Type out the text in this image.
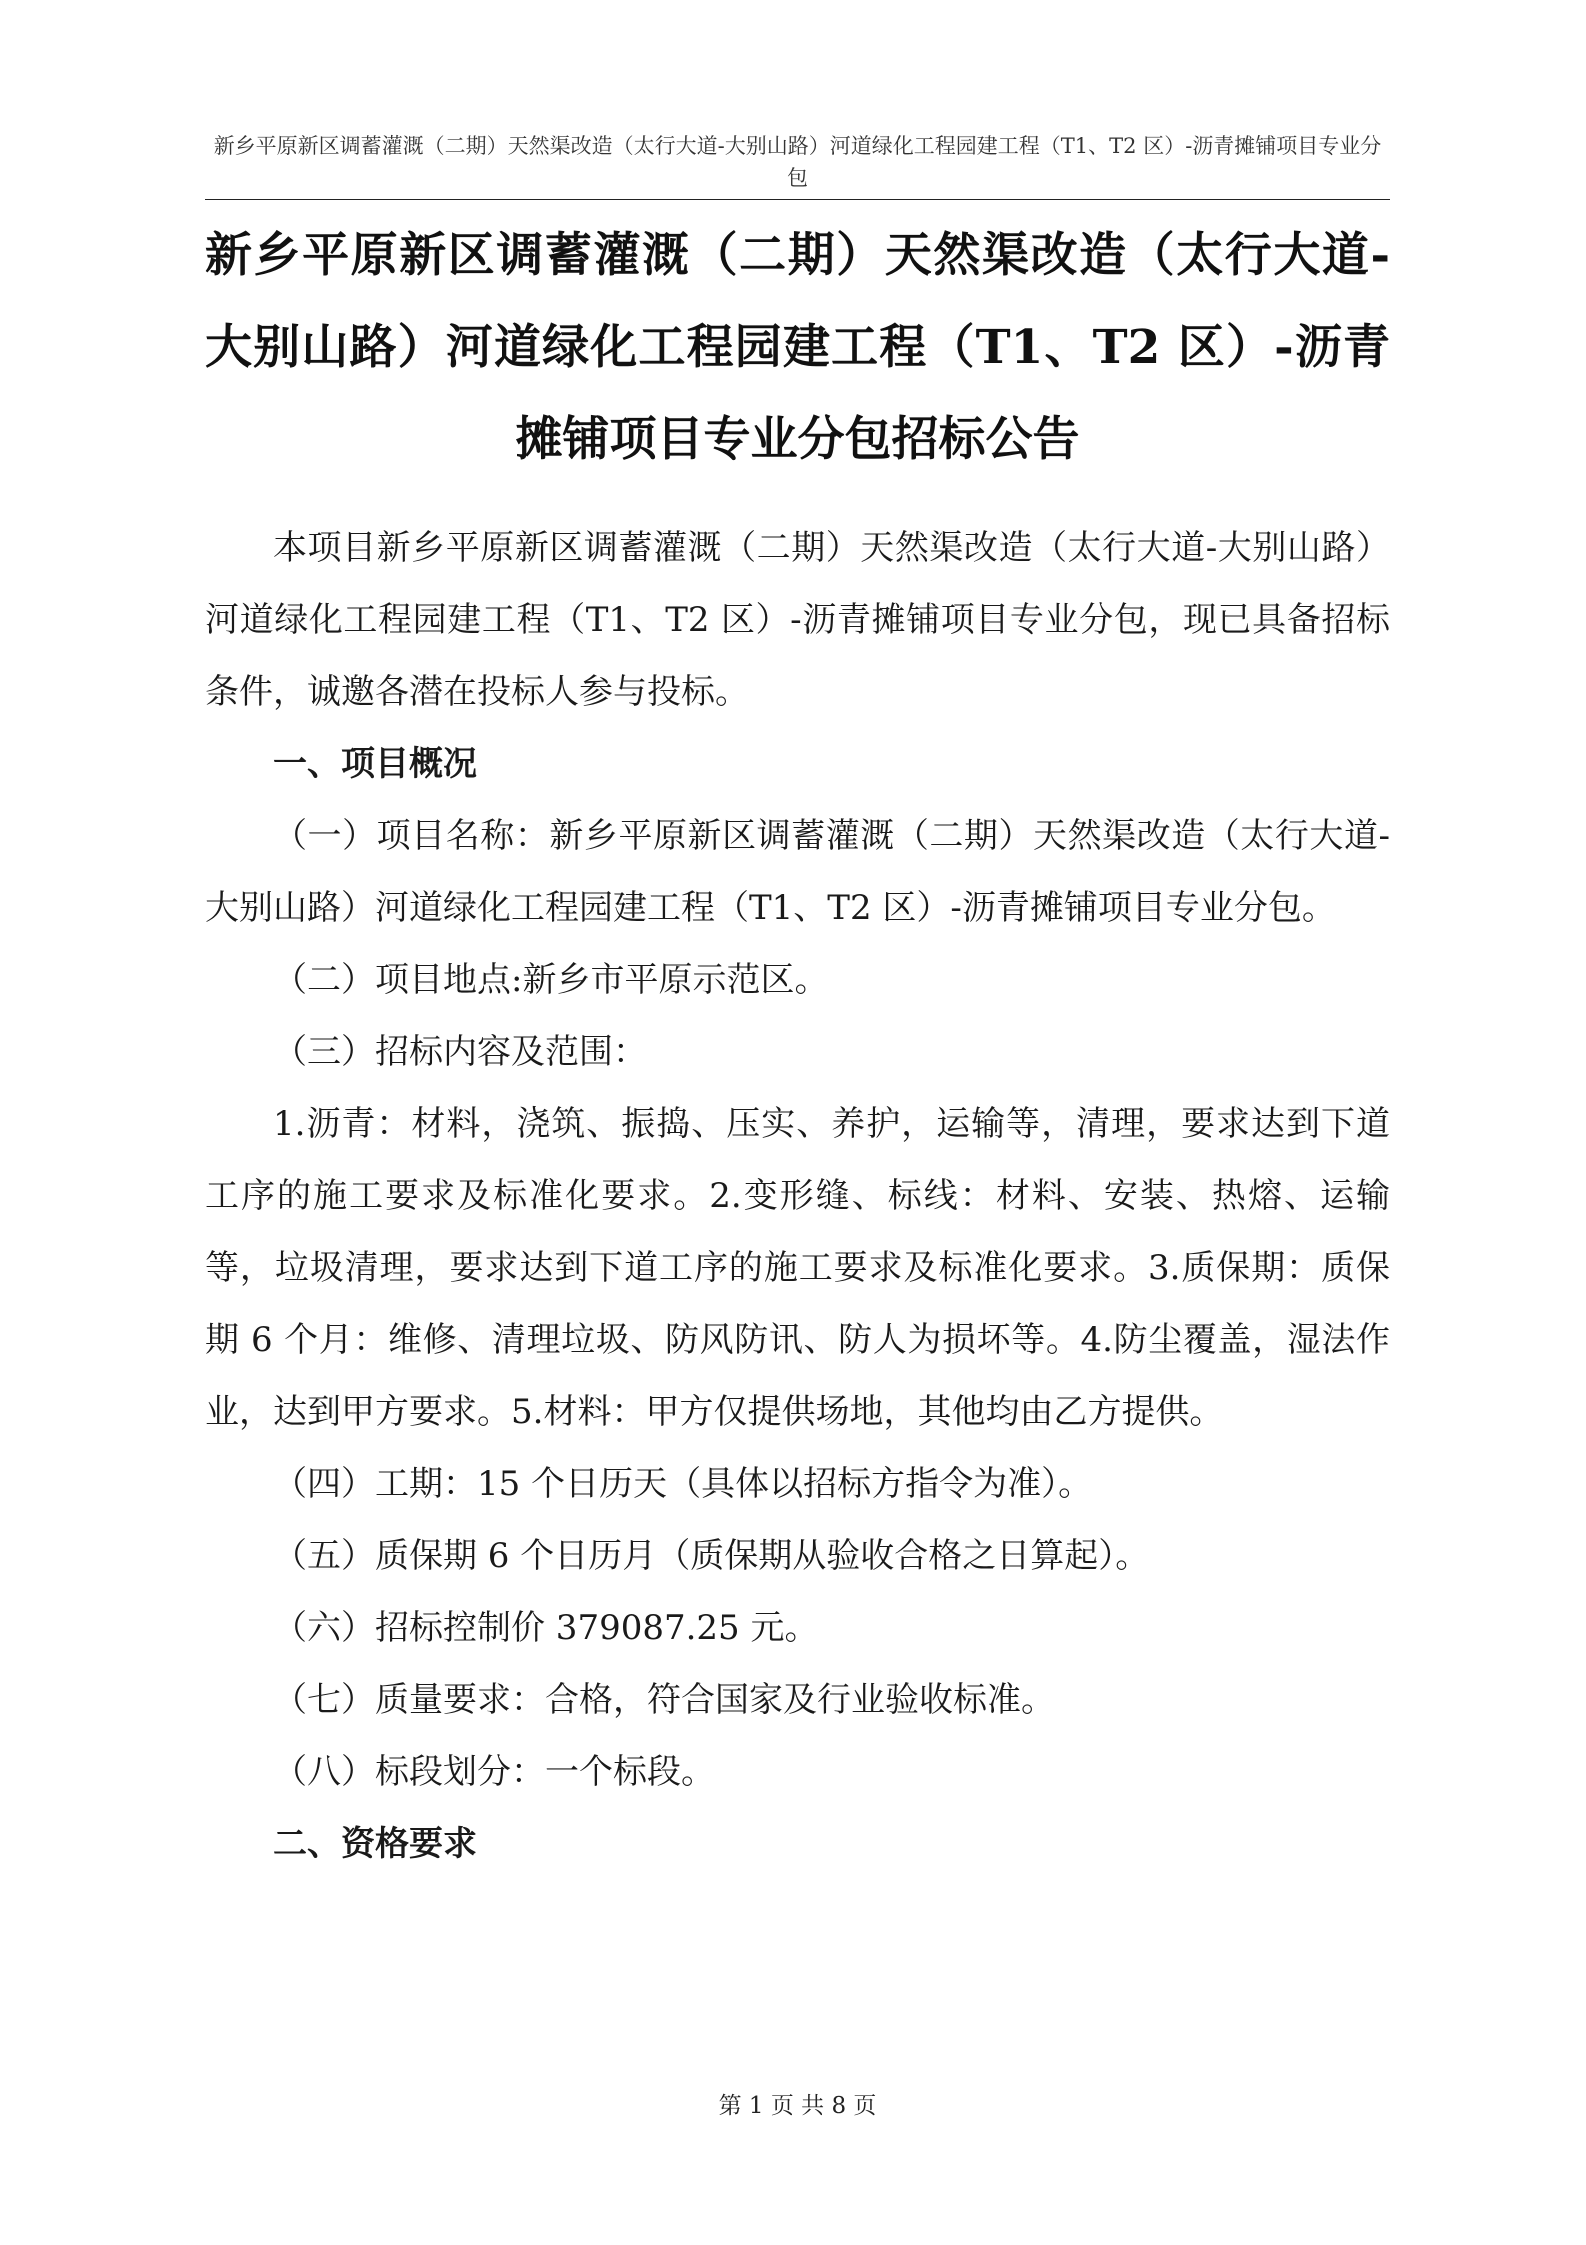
新乡平原新区调蓄灌溉（二期）天然渠改造（太行大道-大别山路）河道绿化工程园建工程（T1、T2 区）-沥青摊铺项目专业分包
新乡平原新区调蓄灌溉（二期）天然渠改造（太行大道-大别山路）河道绿化工程园建工程（T1、T2 区）-沥青摊铺项目专业分包招标公告

本项目新乡平原新区调蓄灌溉（二期）天然渠改造（太行大道-大别山路）河道绿化工程园建工程（T1、T2 区）-沥青摊铺项目专业分包，现已具备招标条件，诚邀各潜在投标人参与投标。

一、项目概况

（一）项目名称：新乡平原新区调蓄灌溉（二期）天然渠改造（太行大道-大别山路）河道绿化工程园建工程（T1、T2 区）-沥青摊铺项目专业分包。

（二）项目地点:新乡市平原示范区。

（三）招标内容及范围：

1.沥青：材料，浇筑、振捣、压实、养护，运输等，清理，要求达到下道工序的施工要求及标准化要求。2.变形缝、标线：材料、安装、热熔、运输等，垃圾清理，要求达到下道工序的施工要求及标准化要求。3.质保期：质保期 6 个月：维修、清理垃圾、防风防讯、防人为损坏等。4.防尘覆盖，湿法作业，达到甲方要求。5.材料：甲方仅提供场地，其他均由乙方提供。

（四）工期：15 个日历天（具体以招标方指令为准）。

（五）质保期 6 个日历月（质保期从验收合格之日算起）。

（六）招标控制价 379087.25 元。

（七）质量要求：合格，符合国家及行业验收标准。

（八）标段划分：一个标段。

二、资格要求

第 1 页 共 8 页
